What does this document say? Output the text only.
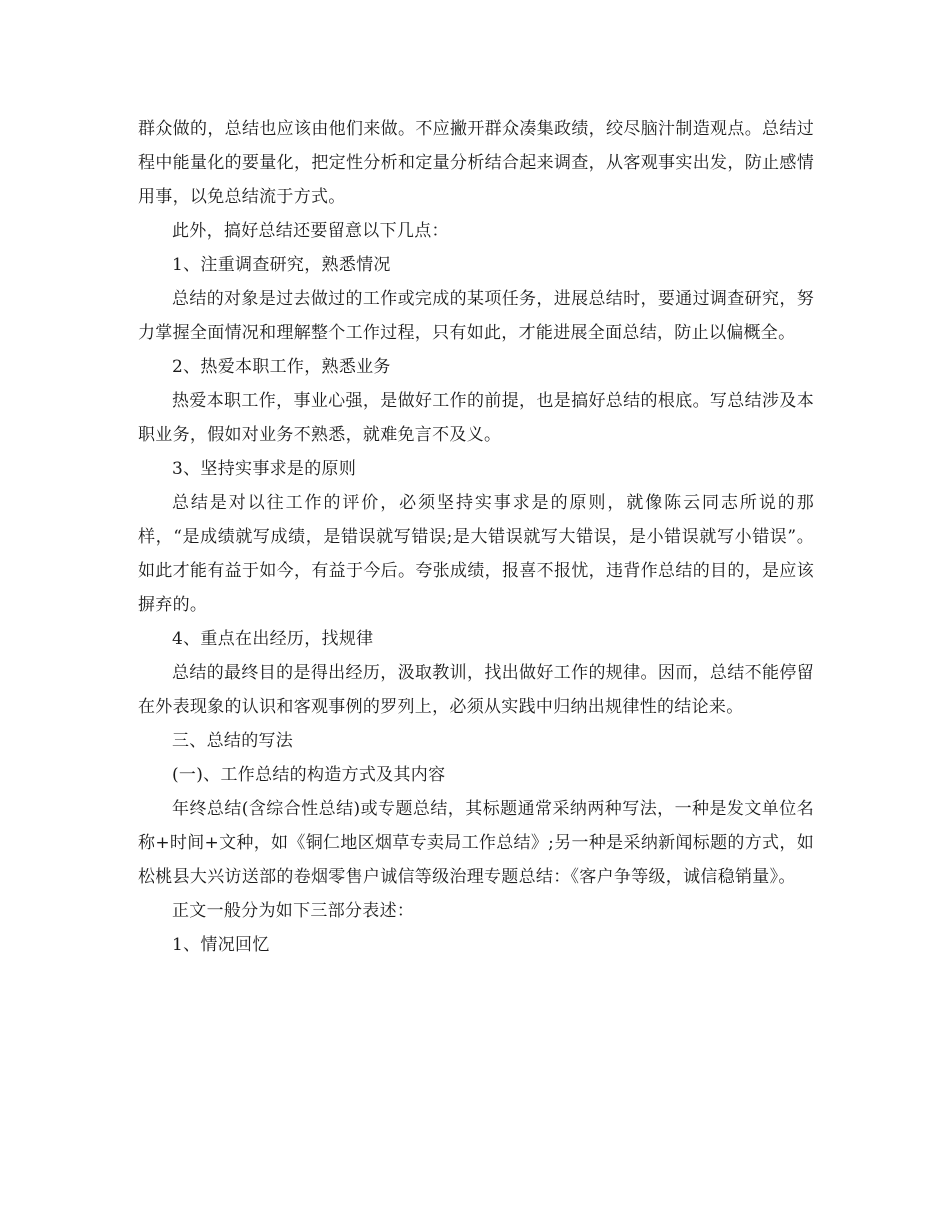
群众做的，总结也应该由他们来做。不应撇开群众凑集政绩，绞尽脑汁制造观点。总结过程中能量化的要量化，把定性分析和定量分析结合起来调查，从客观事实出发，防止感情用事，以免总结流于方式。

此外，搞好总结还要留意以下几点：

1、注重调查研究，熟悉情况

总结的对象是过去做过的工作或完成的某项任务，进展总结时，要通过调查研究，努力掌握全面情况和理解整个工作过程，只有如此，才能进展全面总结，防止以偏概全。

2、热爱本职工作，熟悉业务

热爱本职工作，事业心强，是做好工作的前提，也是搞好总结的根底。写总结涉及本职业务，假如对业务不熟悉，就难免言不及义。

3、坚持实事求是的原则

总结是对以往工作的评价，必须坚持实事求是的原则，就像陈云同志所说的那样，“是成绩就写成绩，是错误就写错误;是大错误就写大错误，是小错误就写小错误”。如此才能有益于如今，有益于今后。夸张成绩，报喜不报忧，违背作总结的目的，是应该摒弃的。

4、重点在出经历，找规律

总结的最终目的是得出经历，汲取教训，找出做好工作的规律。因而，总结不能停留在外表现象的认识和客观事例的罗列上，必须从实践中归纳出规律性的结论来。

三、总结的写法

(一)、工作总结的构造方式及其内容

年终总结(含综合性总结)或专题总结，其标题通常采纳两种写法，一种是发文单位名称+时间+文种，如《铜仁地区烟草专卖局工作总结》;另一种是采纳新闻标题的方式，如松桃县大兴访送部的卷烟零售户诚信等级治理专题总结：《客户争等级，诚信稳销量》。

正文一般分为如下三部分表述：

1、情况回忆
